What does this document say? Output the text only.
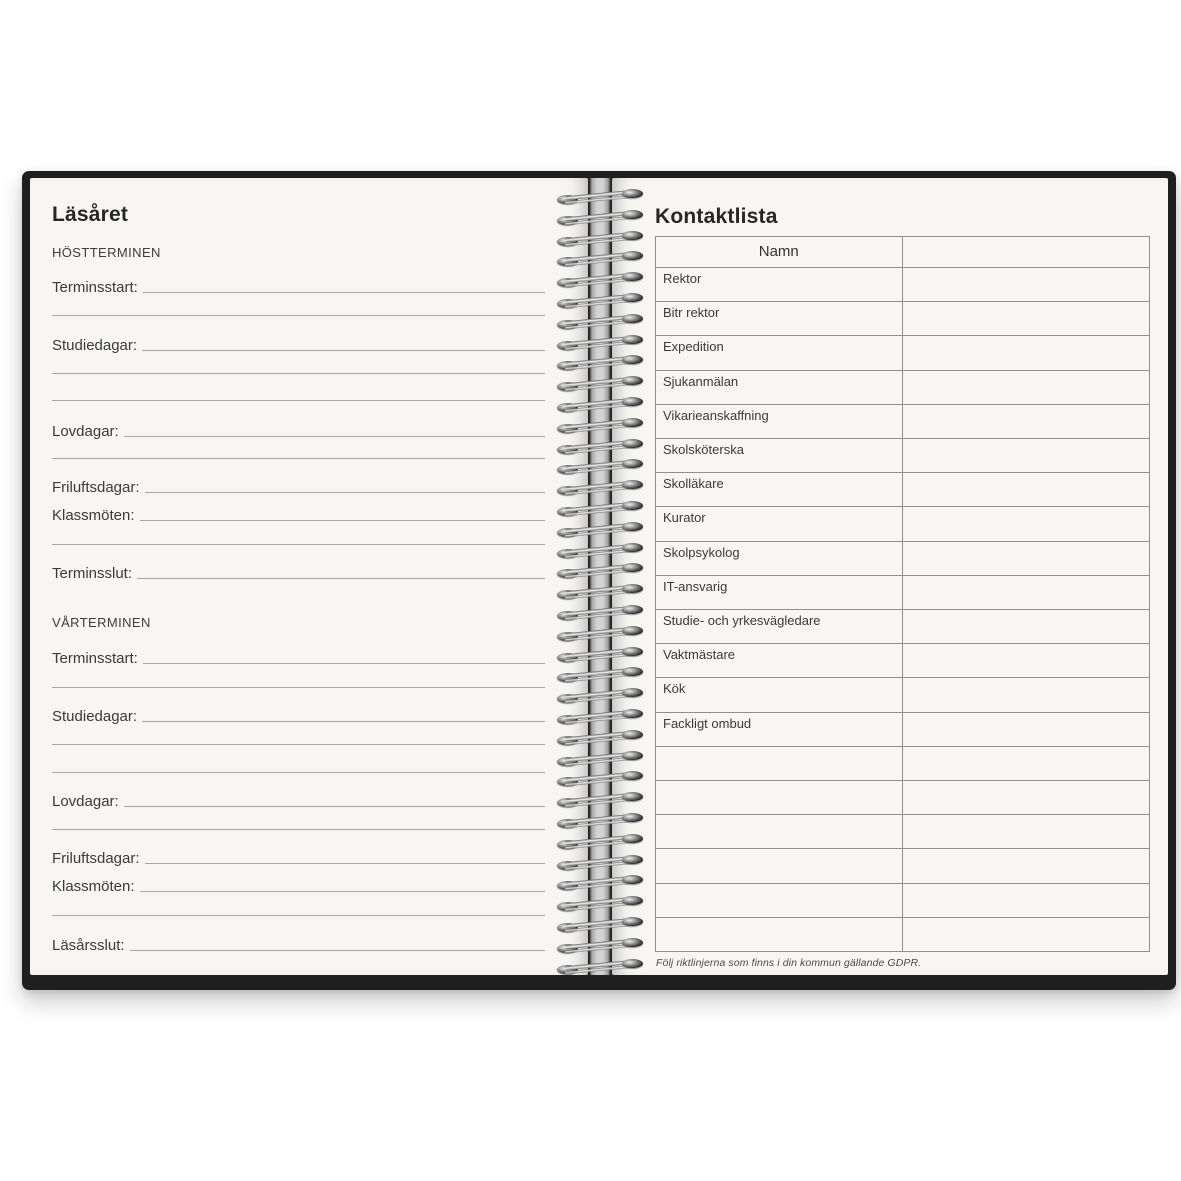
Läsåret
HÖSTTERMINEN
Terminsstart:
Studiedagar:
Lovdagar:
Friluftsdagar:
Klassmöten:
Terminsslut:
VÅRTERMINEN
Terminsstart:
Studiedagar:
Lovdagar:
Friluftsdagar:
Klassmöten:
Läsårsslut:
Kontaktlista
Namn
Rektor
Bitr rektor
Expedition
Sjukanmälan
Vikarieanskaffning
Skolsköterska
Skolläkare
Kurator
Skolpsykolog
IT-ansvarig
Studie- och yrkesvägledare
Vaktmästare
Kök
Fackligt ombud
Följ riktlinjerna som finns i din kommun gällande GDPR.
